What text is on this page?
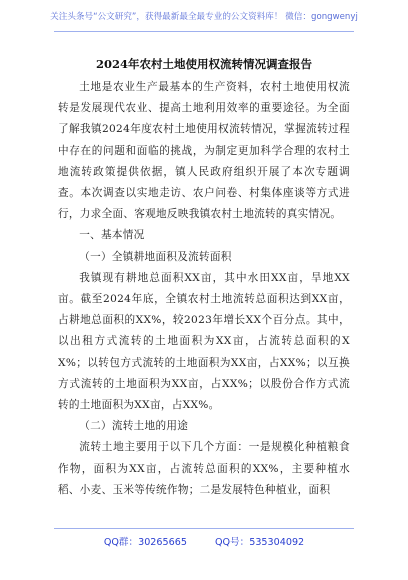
关注头条号“公文研究”，获得最新最全最专业的公文资料库！ 微信：gongwenyj
2024年农村土地使用权流转情况调查报告

土地是农业生产最基本的生产资料，农村土地使用权流转是发展现代农业、提高土地利用效率的重要途径。为全面了解我镇2024年度农村土地使用权流转情况，掌握流转过程中存在的问题和面临的挑战，为制定更加科学合理的农村土地流转政策提供依据，镇人民政府组织开展了本次专题调查。本次调查以实地走访、农户问卷、村集体座谈等方式进行，力求全面、客观地反映我镇农村土地流转的真实情况。

一、基本情况

（一）全镇耕地面积及流转面积

我镇现有耕地总面积XX亩，其中水田XX亩，旱地XX亩。截至2024年底，全镇农村土地流转总面积达到XX亩，占耕地总面积的XX%，较2023年增长XX个百分点。其中，以出租方式流转的土地面积为XX亩，占流转总面积的XX%；以转包方式流转的土地面积为XX亩，占XX%；以互换方式流转的土地面积为XX亩，占XX%；以股份合作方式流转的土地面积为XX亩，占XX%。

（二）流转土地的用途

流转土地主要用于以下几个方面：一是规模化种植粮食作物，面积为XX亩，占流转总面积的XX%，主要种植水稻、小麦、玉米等传统作物；二是发展特色种植业，面积

QQ群：30265665	QQ号：535304092
